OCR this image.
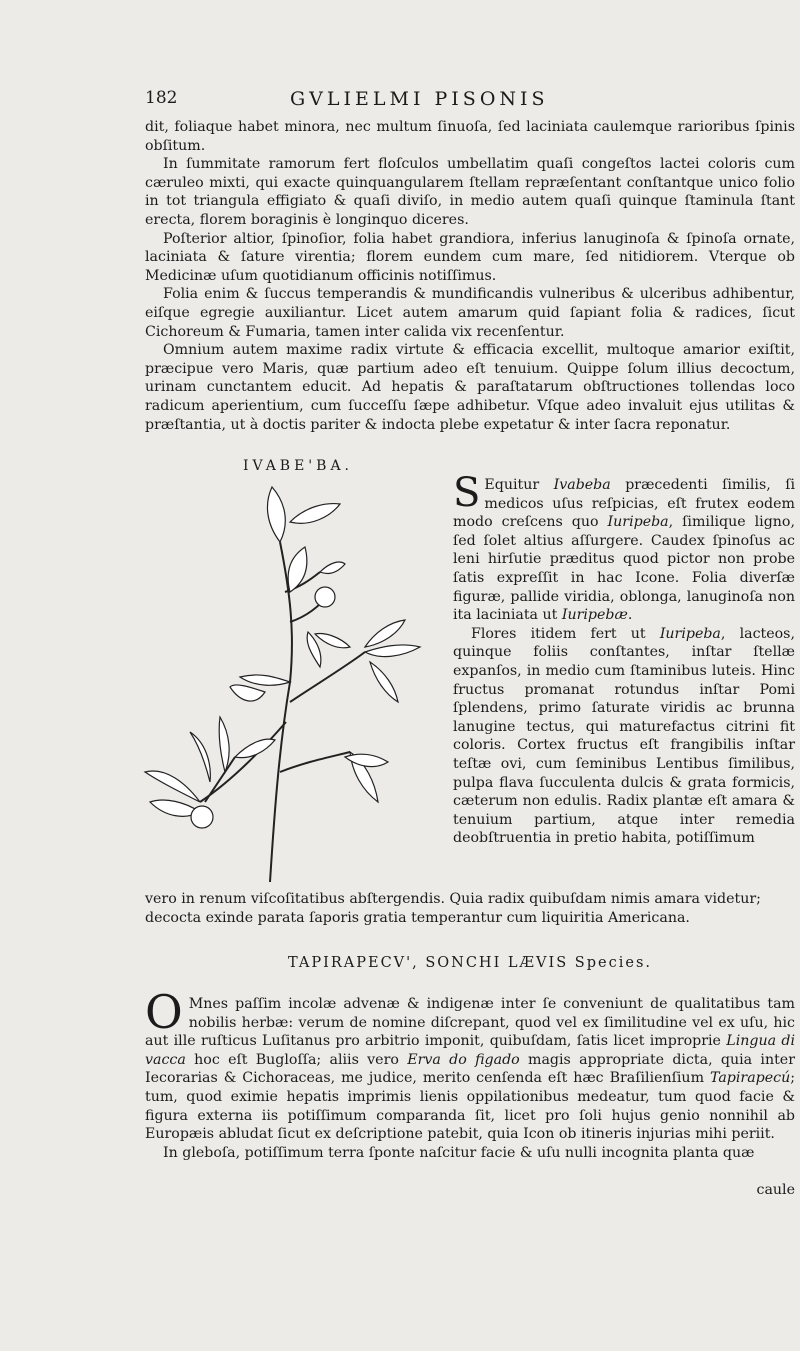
182	GVLIELMI PISONIS

dit, foliaque habet minora, nec multum ſinuoſa, ſed laciniata caulemque rarioribus ſpinis obſitum.

In ſummitate ramorum fert floſculos umbellatim quaſi congeſtos lactei coloris cum cæruleo mixti, qui exacte quinquangularem ſtellam repræſentant conſtantque unico folio in tot triangula effigiato & quaſi diviſo, in medio autem quaſi quinque ſtaminula ſtant erecta, florem boraginis è longinquo diceres.

Poſterior altior, ſpinoſior, folia habet grandiora, inferius lanuginoſa & ſpinoſa ornate, laciniata & ſature virentia; florem eundem cum mare, ſed nitidiorem. Vterque ob Medicinæ uſum quotidianum officinis notiſſimus.

Folia enim & ſuccus temperandis & mundificandis vulneribus & ulceribus adhibentur, eiſque egregie auxiliantur. Licet autem amarum quid ſapiant folia & radices, ſicut Cichoreum & Fumaria, tamen inter calida vix recenſentur.

Omnium autem maxime radix virtute & efficacia excellit, multoque amarior exiſtit, præcipue vero Maris, quæ partium adeo eſt tenuium. Quippe ſolum illius decoctum, urinam cunctantem educit. Ad hepatis & paraſtatarum obſtructiones tollendas loco radicum aperientium, cum ſucceſſu ſæpe adhibetur. Vſque adeo invaluit ejus utilitas & præſtantia, ut à doctis pariter & indocta plebe expetatur & inter ſacra reponatur.

IVABE'BA.
S Equitur Ivabeba præcedenti ſimilis, ſi medicos uſus reſpicias, eſt frutex eodem modo creſcens quo Iuripeba, ſimilique ligno, ſed ſolet altius aſſurgere. Caudex ſpinoſus ac leni hirſutie præditus quod pictor non probe ſatis expreſſit in hac Icone. Folia diverſæ figuræ, pallide viridia, oblonga, lanuginoſa non ita laciniata ut Iuripebæ.

Flores itidem fert ut Iuripeba, lacteos, quinque foliis conſtantes, inſtar ſtellæ expanſos, in medio cum ſtaminibus luteis. Hinc fructus promanat rotundus inſtar Pomi ſplendens, primo ſaturate viridis ac brunna lanugine tectus, qui maturefactus citrini fit coloris. Cortex fructus eſt frangibilis inſtar teſtæ ovi, cum ſeminibus Lentibus ſimilibus, pulpa flava ſucculenta dulcis & grata formicis, cæterum non edulis. Radix plantæ eſt amara & tenuium partium, atque inter remedia deobſtruentia in pretio habita, potiſſimum

vero in renum viſcoſitatibus abſtergendis. Quia radix quibuſdam nimis amara videtur; decocta exinde parata ſaporis gratia temperantur cum liquiritia Americana.
TAPIRAPECV', SONCHI LÆVIS Species.
O Mnes paſſim incolæ advenæ & indigenæ inter ſe conveniunt de qualitatibus tam nobilis herbæ: verum de nomine diſcrepant, quod vel ex ſimilitudine vel ex uſu, hic aut ille ruſticus Luſitanus pro arbitrio imponit, quibuſdam, ſatis licet improprie Lingua di vacca hoc eſt Bugloſſa; aliis vero Erva do figado magis appropriate dicta, quia inter Iecorarias & Cichoraceas, me judice, merito cenſenda eſt hæc Braſilienſium Tapirapecú; tum, quod eximie hepatis imprimis lienis oppilationibus medeatur, tum quod facie & figura externa iis potiſſimum comparanda ſit, licet pro ſoli hujus genio nonnihil ab Europæis abludat ſicut ex deſcriptione patebit, quia Icon ob itineris injurias mihi periit.

In gleboſa, potiſſimum terra ſponte naſcitur facie & uſu nulli incognita planta quæ

caule
